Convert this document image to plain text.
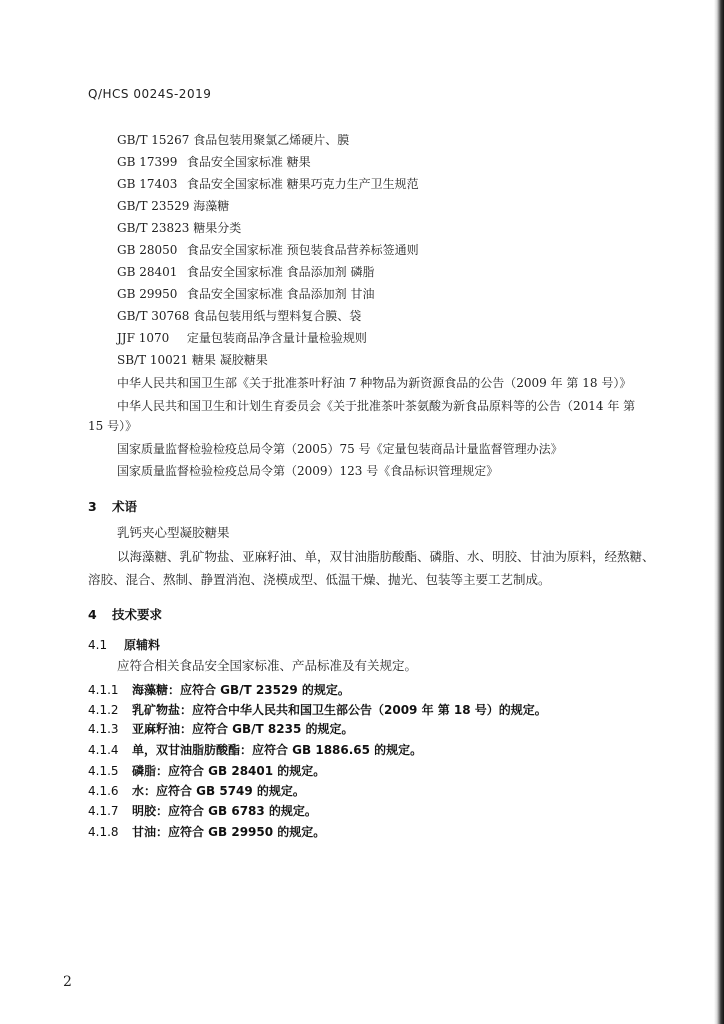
Q/HCS 0024S-2019
GB/T 15267 食品包装用聚氯乙烯硬片、膜
GB 17399 食品安全国家标准 糖果
GB 17403 食品安全国家标准 糖果巧克力生产卫生规范
GB/T 23529 海藻糖
GB/T 23823 糖果分类
GB 28050 食品安全国家标准 预包装食品营养标签通则
GB 28401 食品安全国家标准 食品添加剂 磷脂
GB 29950 食品安全国家标准 食品添加剂 甘油
GB/T 30768 食品包装用纸与塑料复合膜、袋
JJF 1070 定量包装商品净含量计量检验规则
SB/T 10021 糖果 凝胶糖果
中华人民共和国卫生部《关于批准茶叶籽油 7 种物品为新资源食品的公告（2009 年 第 18 号）》
中华人民共和国卫生和计划生育委员会《关于批准茶叶茶氨酸为新食品原料等的公告（2014 年 第
15 号）》
国家质量监督检验检疫总局令第（2005）75 号《定量包装商品计量监督管理办法》
国家质量监督检验检疫总局令第（2009）123 号《食品标识管理规定》
3 术语
乳钙夹心型凝胶糖果
以海藻糖、乳矿物盐、亚麻籽油、单，双甘油脂肪酸酯、磷脂、水、明胶、甘油为原料，经熬糖、
溶胶、混合、熬制、静置消泡、浇模成型、低温干燥、抛光、包装等主要工艺制成。
4 技术要求
4.1 原辅料
应符合相关食品安全国家标准、产品标准及有关规定。
4.1.1 海藻糖：应符合 GB/T 23529 的规定。
4.1.2 乳矿物盐：应符合中华人民共和国卫生部公告（2009 年 第 18 号）的规定。
4.1.3 亚麻籽油：应符合 GB/T 8235 的规定。
4.1.4 单，双甘油脂肪酸酯：应符合 GB 1886.65 的规定。
4.1.5 磷脂：应符合 GB 28401 的规定。
4.1.6 水：应符合 GB 5749 的规定。
4.1.7 明胶：应符合 GB 6783 的规定。
4.1.8 甘油：应符合 GB 29950 的规定。
2
